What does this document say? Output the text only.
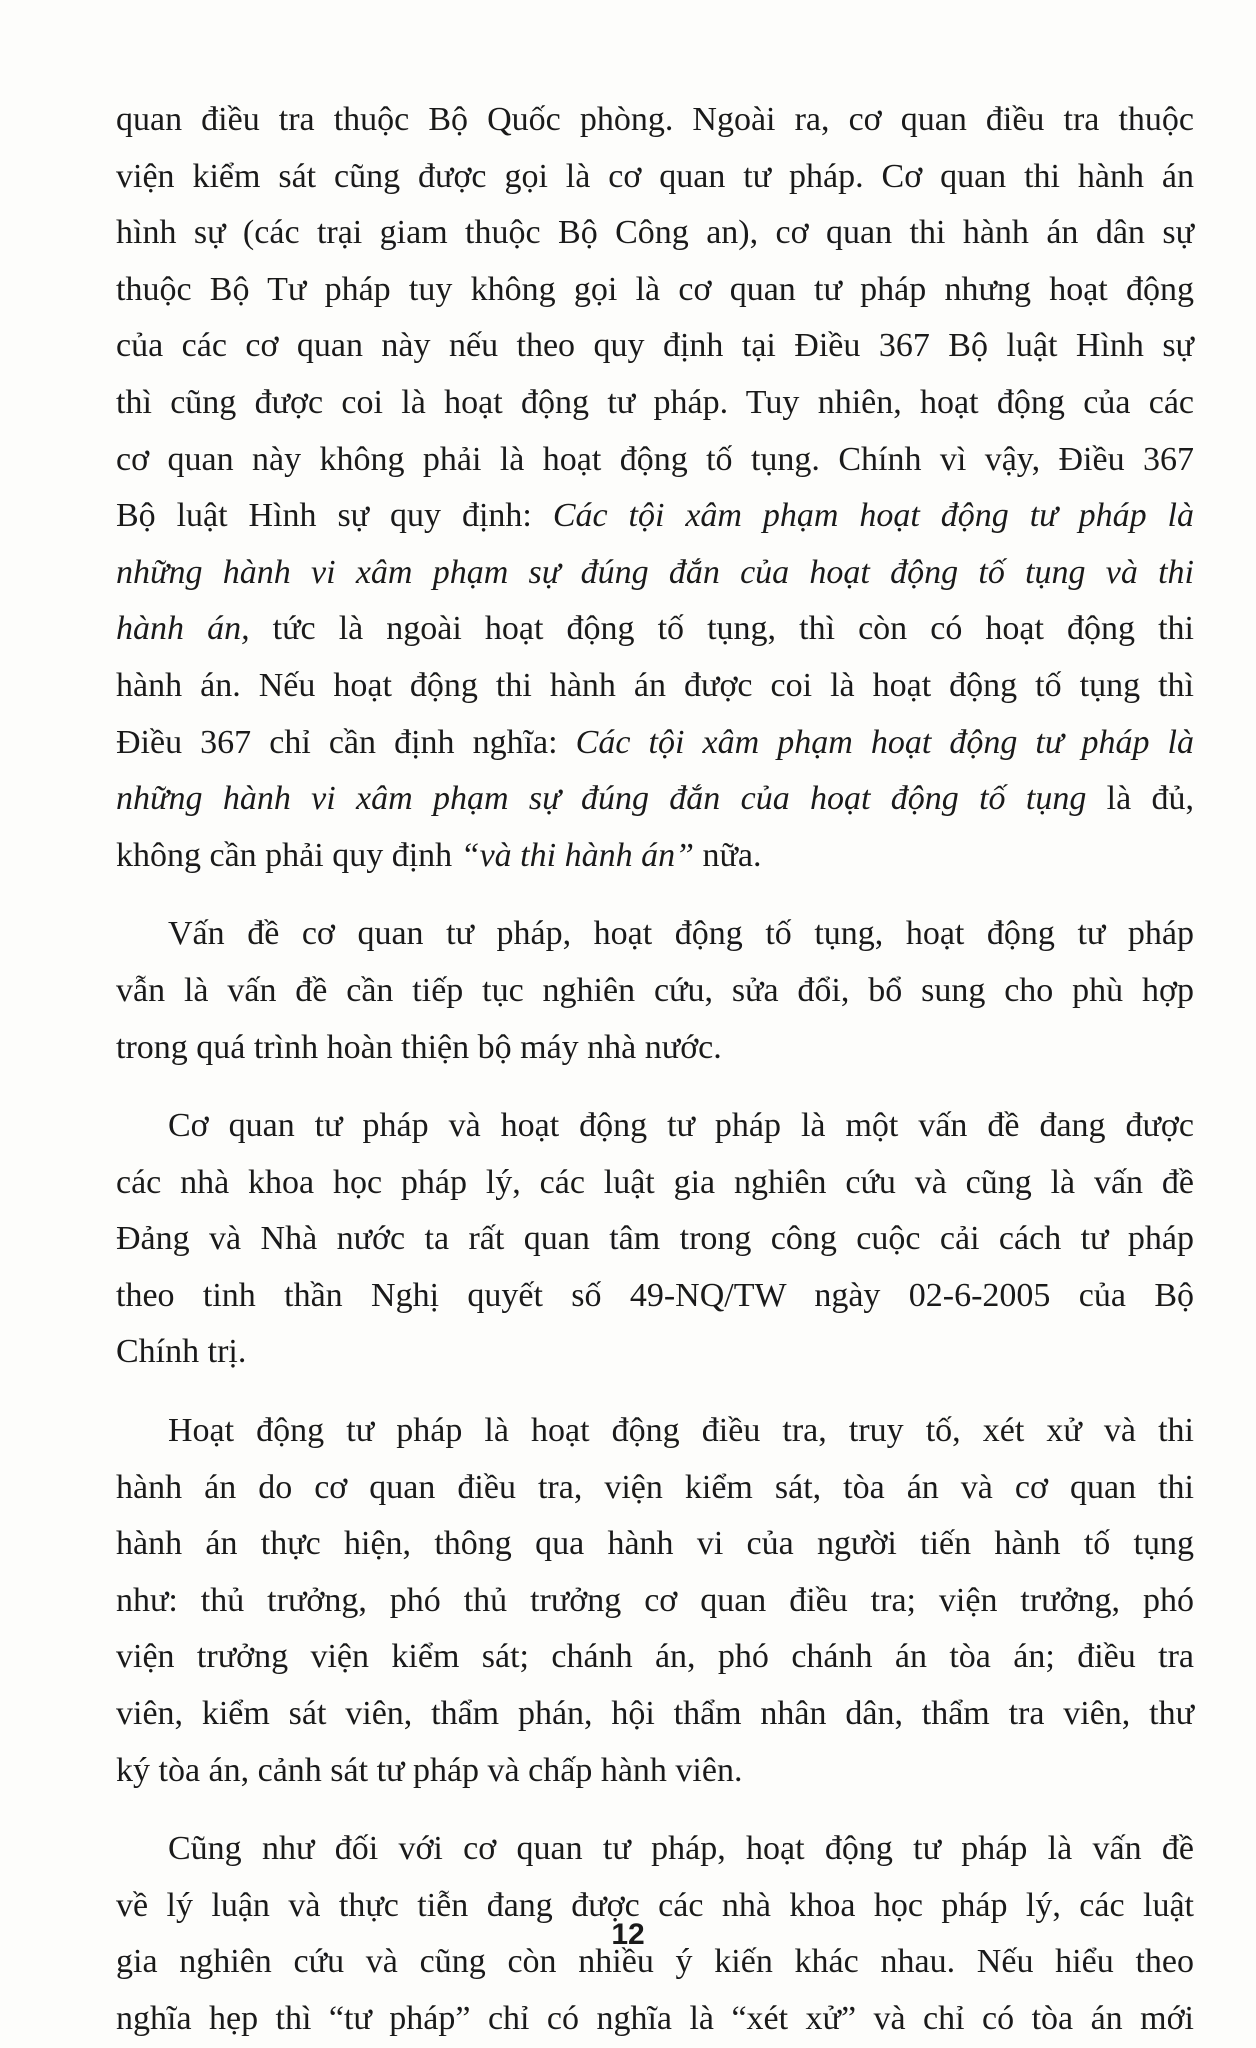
quan điều tra thuộc Bộ Quốc phòng. Ngoài ra, cơ quan điều tra thuộc
viện kiểm sát cũng được gọi là cơ quan tư pháp. Cơ quan thi hành án
hình sự (các trại giam thuộc Bộ Công an), cơ quan thi hành án dân sự
thuộc Bộ Tư pháp tuy không gọi là cơ quan tư pháp nhưng hoạt động
của các cơ quan này nếu theo quy định tại Điều 367 Bộ luật Hình sự
thì cũng được coi là hoạt động tư pháp. Tuy nhiên, hoạt động của các
cơ quan này không phải là hoạt động tố tụng. Chính vì vậy, Điều 367
Bộ luật Hình sự quy định: Các tội xâm phạm hoạt động tư pháp là
những hành vi xâm phạm sự đúng đắn của hoạt động tố tụng và thi
hành án, tức là ngoài hoạt động tố tụng, thì còn có hoạt động thi
hành án. Nếu hoạt động thi hành án được coi là hoạt động tố tụng thì
Điều 367 chỉ cần định nghĩa: Các tội xâm phạm hoạt động tư pháp là
những hành vi xâm phạm sự đúng đắn của hoạt động tố tụng là đủ,
không cần phải quy định “và thi hành án” nữa.
Vấn đề cơ quan tư pháp, hoạt động tố tụng, hoạt động tư pháp
vẫn là vấn đề cần tiếp tục nghiên cứu, sửa đổi, bổ sung cho phù hợp
trong quá trình hoàn thiện bộ máy nhà nước.
Cơ quan tư pháp và hoạt động tư pháp là một vấn đề đang được
các nhà khoa học pháp lý, các luật gia nghiên cứu và cũng là vấn đề
Đảng và Nhà nước ta rất quan tâm trong công cuộc cải cách tư pháp
theo tinh thần Nghị quyết số 49-NQ/TW ngày 02-6-2005 của Bộ
Chính trị.
Hoạt động tư pháp là hoạt động điều tra, truy tố, xét xử và thi
hành án do cơ quan điều tra, viện kiểm sát, tòa án và cơ quan thi
hành án thực hiện, thông qua hành vi của người tiến hành tố tụng
như: thủ trưởng, phó thủ trưởng cơ quan điều tra; viện trưởng, phó
viện trưởng viện kiểm sát; chánh án, phó chánh án tòa án; điều tra
viên, kiểm sát viên, thẩm phán, hội thẩm nhân dân, thẩm tra viên, thư
ký tòa án, cảnh sát tư pháp và chấp hành viên.
Cũng như đối với cơ quan tư pháp, hoạt động tư pháp là vấn đề
về lý luận và thực tiễn đang được các nhà khoa học pháp lý, các luật
gia nghiên cứu và cũng còn nhiều ý kiến khác nhau. Nếu hiểu theo
nghĩa hẹp thì “tư pháp” chỉ có nghĩa là “xét xử” và chỉ có tòa án mới
12
